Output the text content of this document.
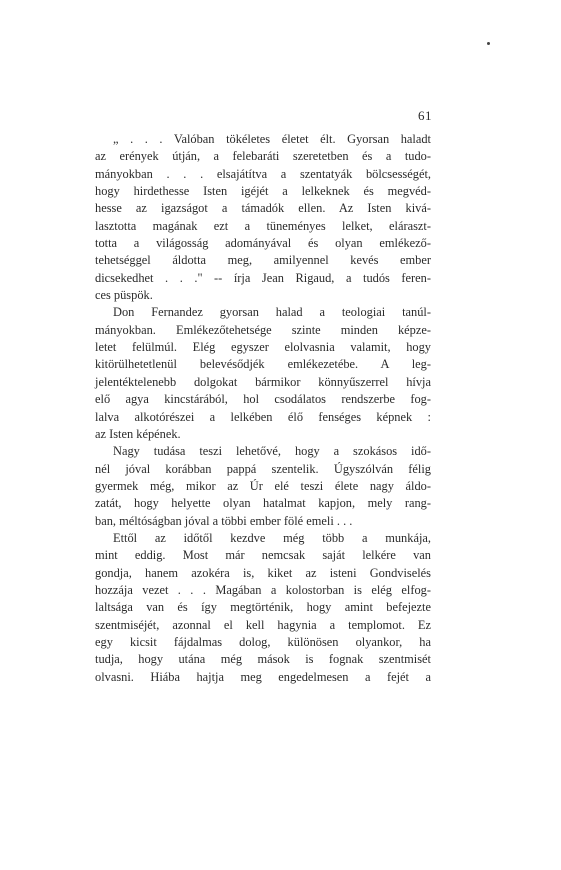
61
„ . . . Valóban tökéletes életet élt. Gyorsan haladt
az erények útján, a felebaráti szeretetben és a tudo-
mányokban . . . elsajátítva a szentatyák bölcsességét,
hogy hirdethesse Isten igéjét a lelkeknek és megvéd-
hesse az igazságot a támadók ellen. Az Isten kivá-
lasztotta magának ezt a tüneményes lelket, eláraszt-
totta a világosság adományával és olyan emlékező-
tehetséggel áldotta meg, amilyennel kevés ember
dicsekedhet . . ." -- írja Jean Rigaud, a tudós feren-
ces püspök.
Don Fernandez gyorsan halad a teologiai tanúl-
mányokban. Emlékezőtehetsége szinte minden képze-
letet felülmúl. Elég egyszer elolvasnia valamit, hogy
kitörülhetetlenül belevésődjék emlékezetébe. A leg-
jelentéktelenebb dolgokat bármikor könnyűszerrel hívja
elő agya kincstárából, hol csodálatos rendszerbe fog-
lalva alkotórészei a lelkében élő fenséges képnek :
az Isten képének.
Nagy tudása teszi lehetővé, hogy a szokásos idő-
nél jóval korábban pappá szentelik. Úgyszólván félig
gyermek még, mikor az Úr elé teszi élete nagy áldo-
zatát, hogy helyette olyan hatalmat kapjon, mely rang-
ban, méltóságban jóval a többi ember fölé emeli . . .
Ettől az időtől kezdve még több a munkája,
mint eddig. Most már nemcsak saját lelkére van
gondja, hanem azokéra is, kiket az isteni Gondviselés
hozzája vezet . . . Magában a kolostorban is elég elfog-
laltsága van és így megtörténik, hogy amint befejezte
szentmiséjét, azonnal el kell hagynia a templomot. Ez
egy kicsit fájdalmas dolog, különösen olyankor, ha
tudja, hogy utána még mások is fognak szentmisét
olvasni. Hiába hajtja meg engedelmesen a fejét a
